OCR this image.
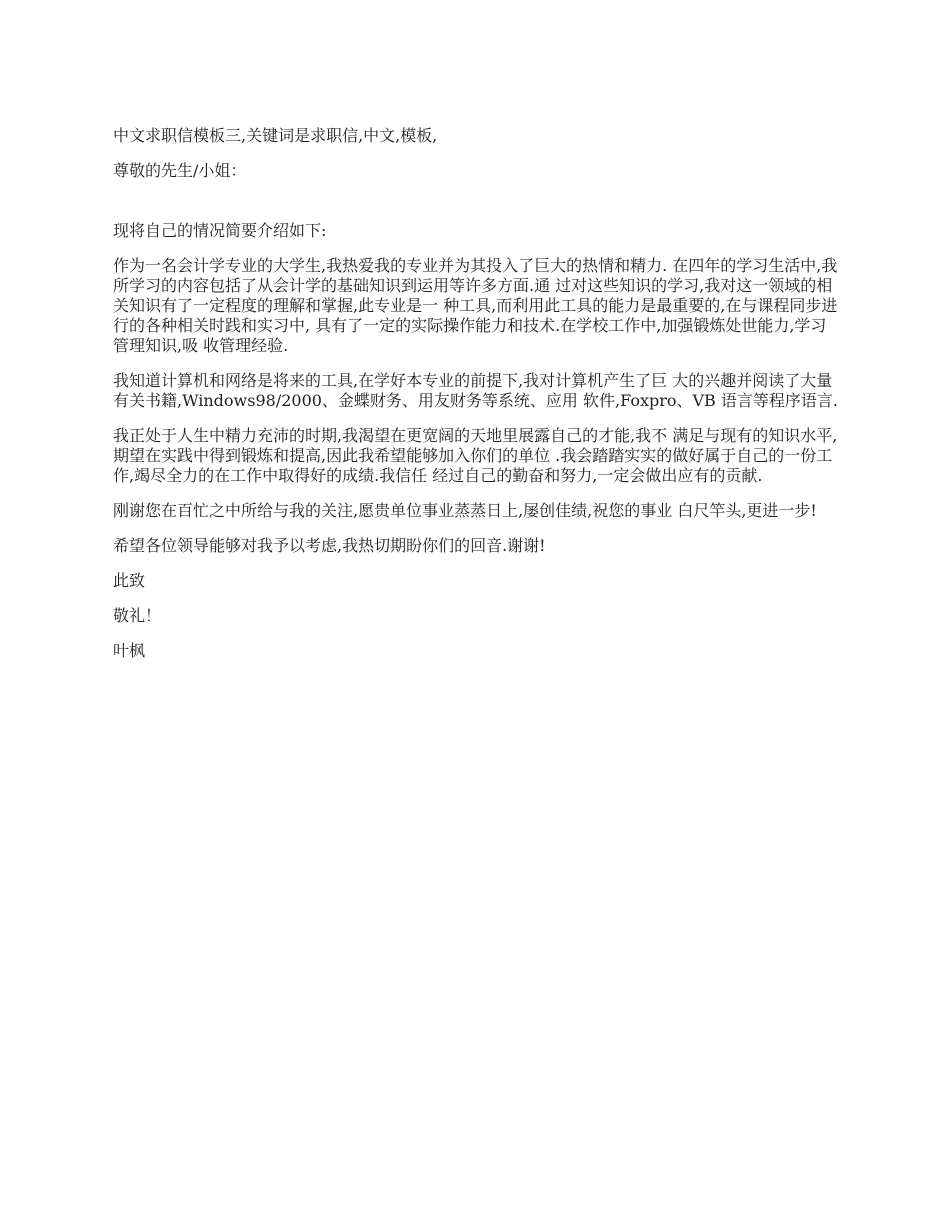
中文求职信模板三,关键词是求职信,中文,模板,

尊敬的先生/小姐：

现将自己的情况简要介绍如下:

作为一名会计学专业的大学生,我热爱我的专业并为其投入了巨大的热情和精力. 在四年的学习生活中,我所学习的内容包括了从会计学的基础知识到运用等许多方面.通 过对这些知识的学习,我对这一领域的相关知识有了一定程度的理解和掌握,此专业是一 种工具,而利用此工具的能力是最重要的,在与课程同步进行的各种相关时践和实习中, 具有了一定的实际操作能力和技术.在学校工作中,加强锻炼处世能力,学习管理知识,吸 收管理经验.

我知道计算机和网络是将来的工具,在学好本专业的前提下,我对计算机产生了巨 大的兴趣并阅读了大量有关书籍,Windows98/2000、金蝶财务、用友财务等系统、应用 软件,Foxpro、VB 语言等程序语言.

我正处于人生中精力充沛的时期,我渴望在更宽阔的天地里展露自己的才能,我不 满足与现有的知识水平,期望在实践中得到锻炼和提高,因此我希望能够加入你们的单位 .我会踏踏实实的做好属于自己的一份工作,竭尽全力的在工作中取得好的成绩.我信任 经过自己的勤奋和努力,一定会做出应有的贡献.

刚谢您在百忙之中所给与我的关注,愿贵单位事业蒸蒸日上,屡创佳绩,祝您的事业 白尺竿头,更进一步!

希望各位领导能够对我予以考虑,我热切期盼你们的回音.谢谢!

此致

敬礼！

叶枫
